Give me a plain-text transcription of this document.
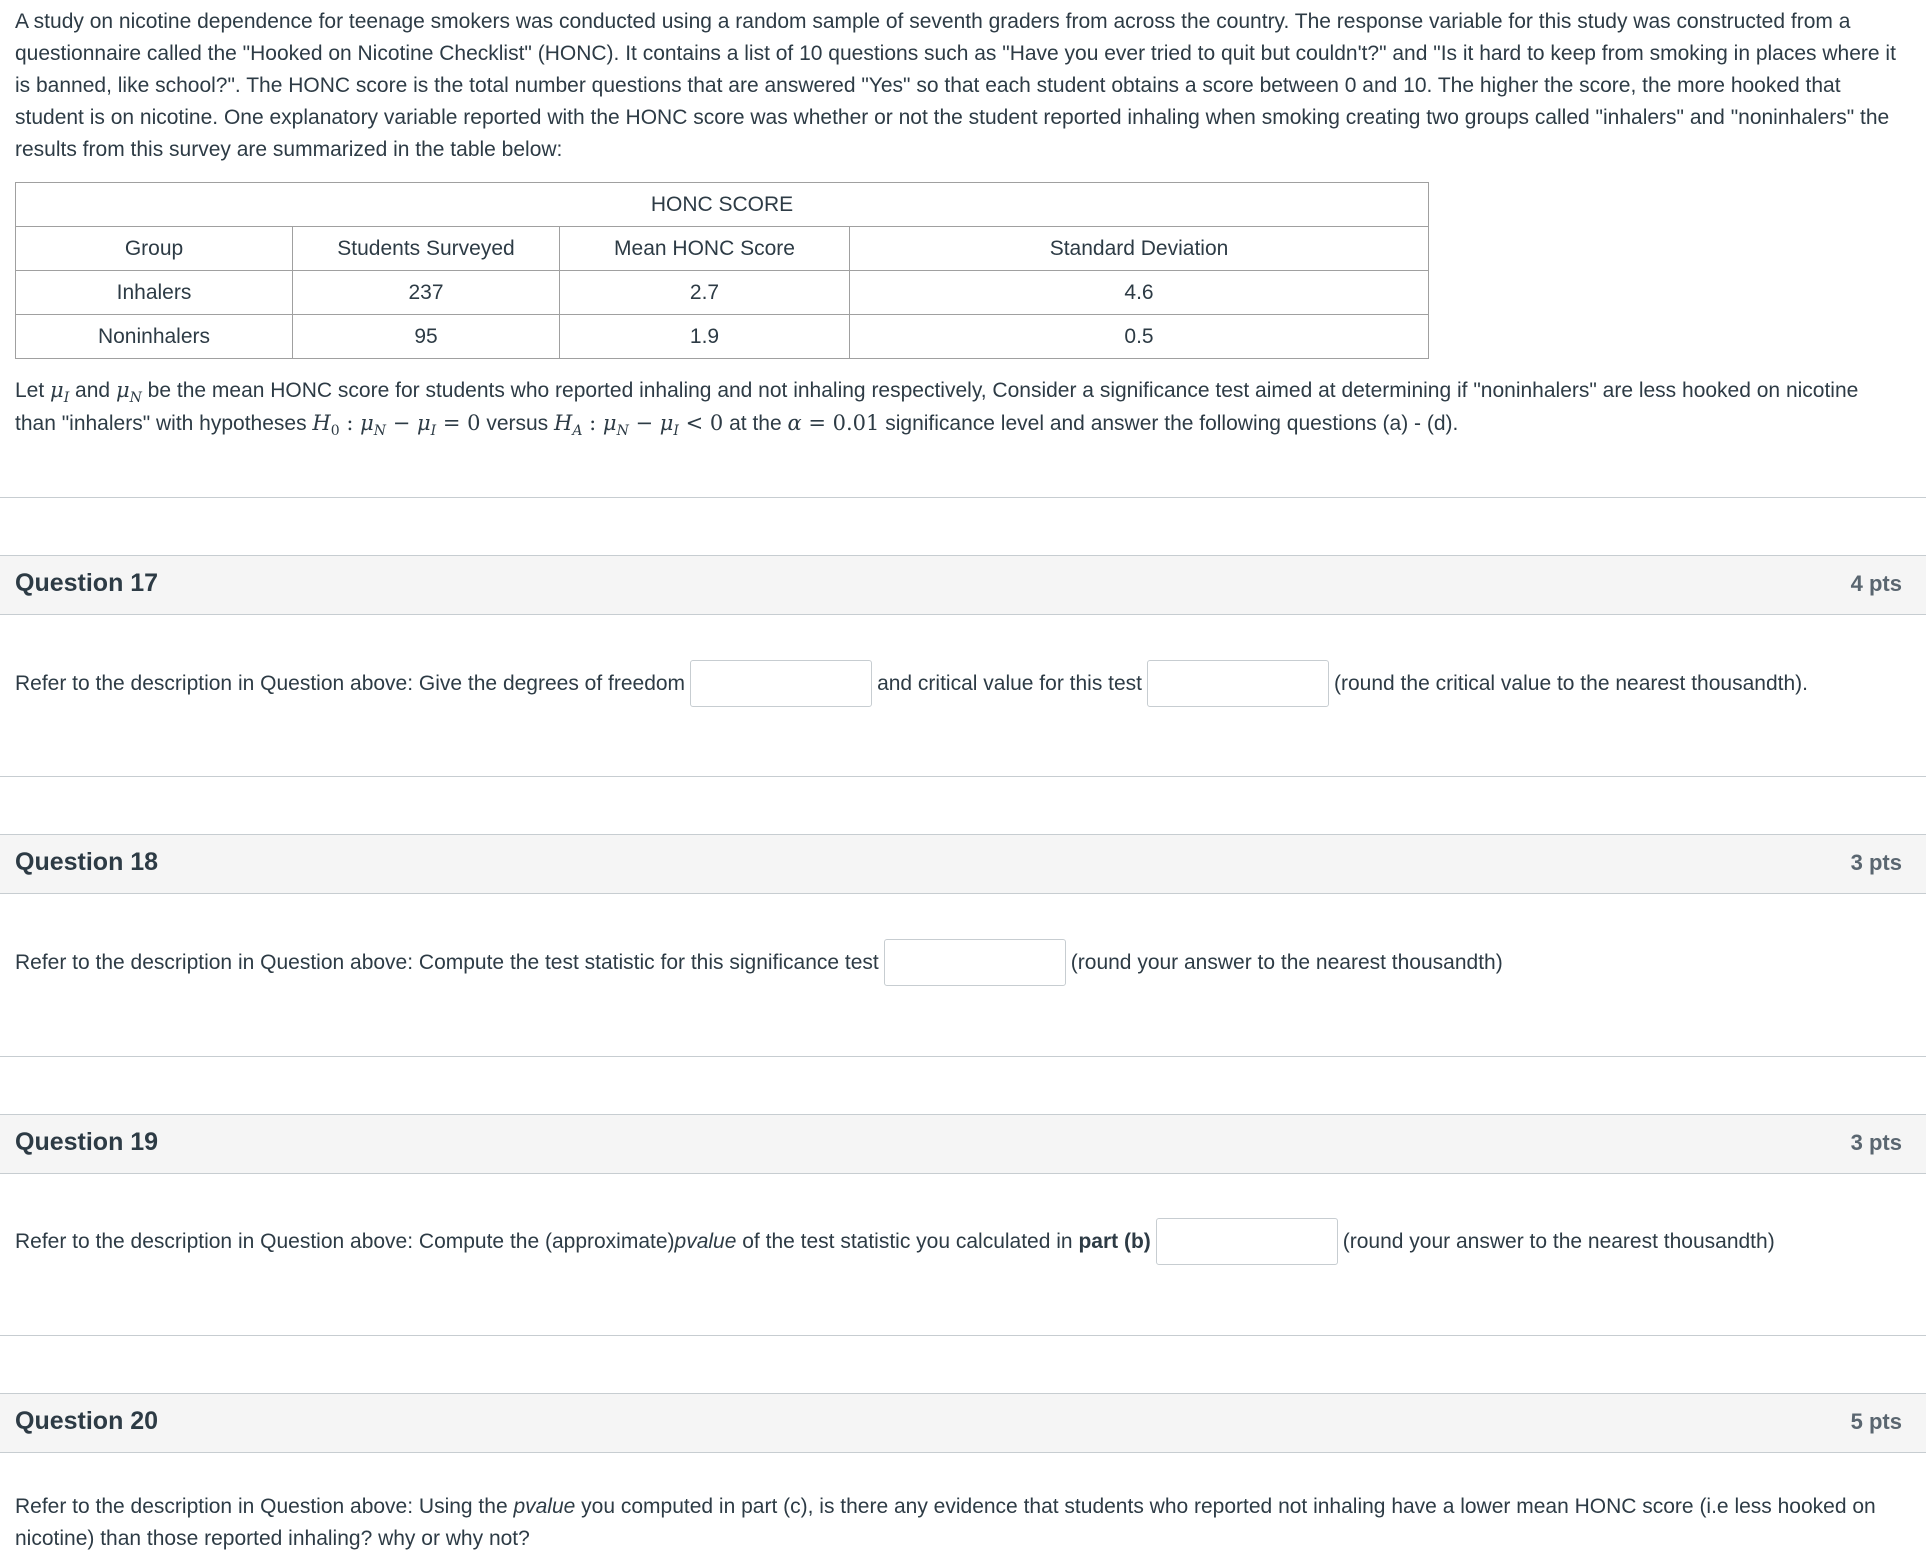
A study on nicotine dependence for teenage smokers was conducted using a random sample of seventh graders from across the country. The response variable for this study was constructed from a questionnaire called the "Hooked on Nicotine Checklist" (HONC). It contains a list of 10 questions such as "Have you ever tried to quit but couldn't?" and "Is it hard to keep from smoking in places where it is banned, like school?". The HONC score is the total number questions that are answered "Yes" so that each student obtains a score between 0 and 10. The higher the score, the more hooked that student is on nicotine. One explanatory variable reported with the HONC score was whether or not the student reported inhaling when smoking creating two groups called "inhalers" and "noninhalers" the results from this survey are summarized in the table below:

HONC SCORE			
Group	Students Surveyed	Mean HONC Score	Standard Deviation
Inhalers	237	2.7	4.6
Noninhalers	95	1.9	0.5

Let $\mu_I$ and $\mu_N$ be the mean HONC score for students who reported inhaling and not inhaling respectively, Consider a significance test aimed at determining if "noninhalers" are less hooked on nicotine than "inhalers" with hypotheses $H_0$ : $\mu_N - \mu_I = 0$ versus $H_A$ : $\mu_N - \mu_I < 0$ at the α = 0.01 significance level and answer the following questions (a) - (d).

Question 17	4 pts
Refer to the description in Question above: Give the degrees of freedom	and critical value for this test	(round the critical value to the nearest thousandth).
Question 18	3 pts
Refer to the description in Question above: Compute the test statistic for this significance test	(round your answer to the nearest thousandth)
Question 19	3 pts
Refer to the description in Question above: Compute the (approximate) pvalue of the test statistic you calculated in part (b)	(round your answer to the nearest thousandth)
Question 20	5 pts
Refer to the description in Question above: Using the pvalue you computed in part (c), is there any evidence that students who reported not inhaling have a lower mean HONC score (i.e less hooked on nicotine) than those reported inhaling? why or why not?
